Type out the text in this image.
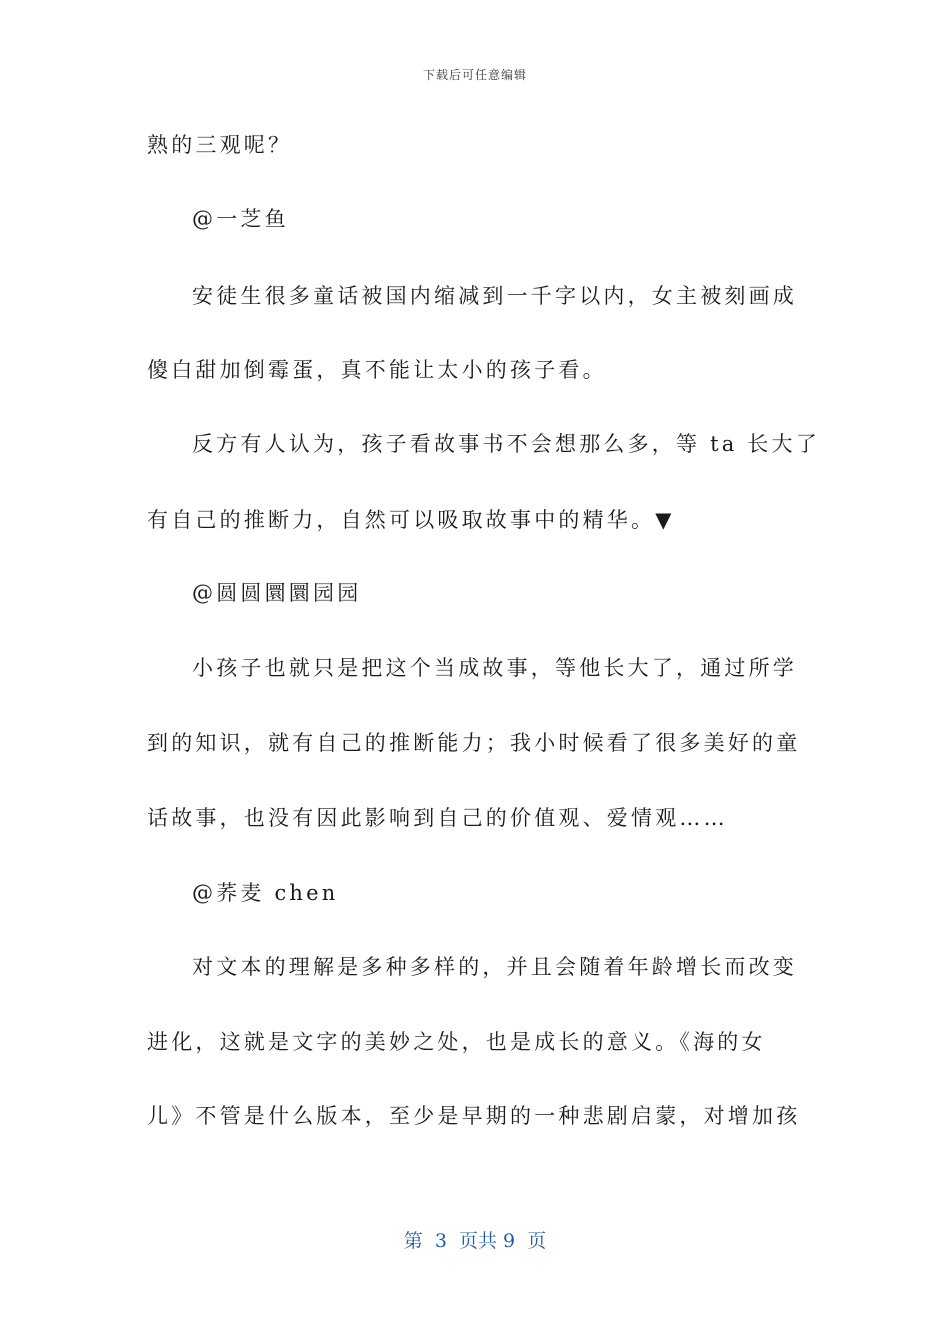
下载后可任意编辑
熟的三观呢？
@一芝鱼
安徒生很多童话被国内缩减到一千字以内，女主被刻画成
傻白甜加倒霉蛋，真不能让太小的孩子看。
反方有人认为，孩子看故事书不会想那么多，等 ta 长大了
有自己的推断力，自然可以吸取故事中的精华。▼
@圆圆圜圜园园
小孩子也就只是把这个当成故事，等他长大了，通过所学
到的知识，就有自己的推断能力；我小时候看了很多美好的童
话故事，也没有因此影响到自己的价值观、爱情观……
@荞麦 chen
对文本的理解是多种多样的，并且会随着年龄增长而改变
进化，这就是文字的美妙之处，也是成长的意义。《海的女
儿》不管是什么版本，至少是早期的一种悲剧启蒙，对增加孩
第  3  页共 9  页
